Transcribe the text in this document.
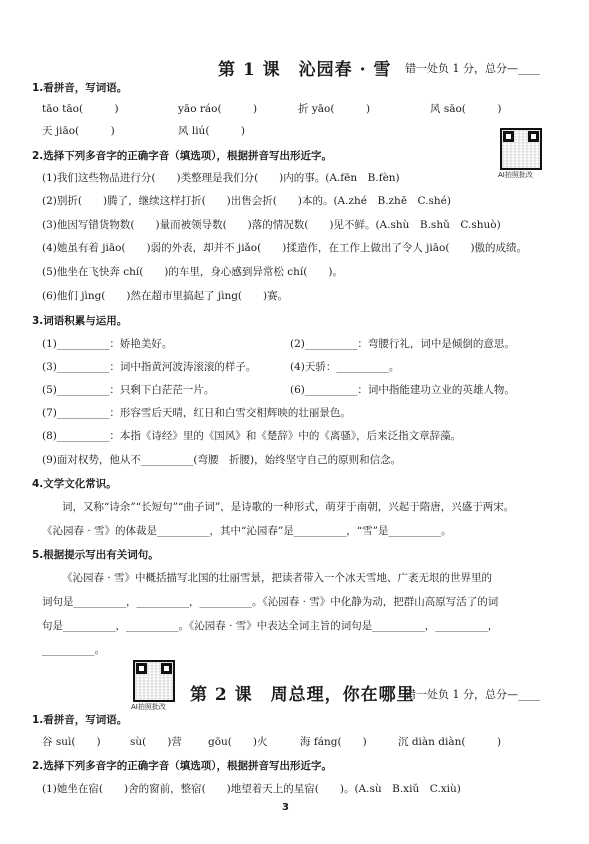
第 1 课　沁园春 · 雪 错一处负 1 分，总分—____
1.看拼音，写词语。
tāo tāo(　　　)	yāo ráo(　　　)	折 yāo(　　　)	风 sāo(　　　)
天 jiāo(　　　)	风 liú(　　　)
AI拍照批改
2.选择下列多音字的正确字音（填选项），根据拼音写出形近字。
(1)我们这些物品进行分(　　)类整理是我们分(　　)内的事。(A.fēn　B.fèn)
(2)别折(　　)腾了，继续这样打折(　　)出售会折(　　)本的。(A.zhé　B.zhē　C.shé)
(3)他因写错货物数(　　)量而被领导数(　　)落的情况数(　　)见不鲜。(A.shù　B.shǔ　C.shuò)
(4)她虽有着 jiāo(　　)弱的外表，却并不 jiǎo(　　)揉造作，在工作上做出了令人 jiāo(　　)傲的成绩。
(5)他坐在飞快奔 chí(　　)的车里，身心感到异常松 chí(　　)。
(6)他们 jìng(　　)然在超市里搞起了 jìng(　　)赛。
3.词语积累与运用。
(1)__________：娇艳美好。	(2)__________：弯腰行礼，词中是倾倒的意思。
(3)__________：词中指黄河波涛滚滚的样子。	(4)天骄：__________。
(5)__________：只剩下白茫茫一片。	(6)__________：词中指能建功立业的英雄人物。
(7)__________：形容雪后天晴，红日和白雪交相辉映的壮丽景色。
(8)__________：本指《诗经》里的《国风》和《楚辞》中的《离骚》，后来泛指文章辞藻。
(9)面对权势，他从不__________(弯腰　折腰)，始终坚守自己的原则和信念。
4.文学文化常识。
词，又称“诗余”“长短句”“曲子词”，是诗歌的一种形式，萌芽于南朝，兴起于隋唐，兴盛于两宋。
《沁园春 · 雪》的体裁是__________，其中“沁园春”是__________，“雪”是__________。
5.根据提示写出有关词句。
《沁园春 · 雪》中概括描写北国的壮丽雪景，把读者带入一个冰天雪地、广袤无垠的世界里的
词句是__________，__________，__________。《沁园春 · 雪》中化静为动，把群山高原写活了的词
句是__________，__________。《沁园春 · 雪》中表达全词主旨的词句是__________，__________，
__________。
AI拍照批改
第 2 课　周总理，你在哪里
错一处负 1 分，总分—____
1.看拼音，写词语。
谷 suì(　　)	sù(　　)营 gōu(　　)火	海 fáng(　　)	沉 diàn diàn(　　　)
2.选择下列多音字的正确字音（填选项），根据拼音写出形近字。
(1)她坐在宿(　　)舍的窗前，整宿(　　)地望着天上的星宿(　　)。(A.sù　B.xiǔ　C.xiù)
3
